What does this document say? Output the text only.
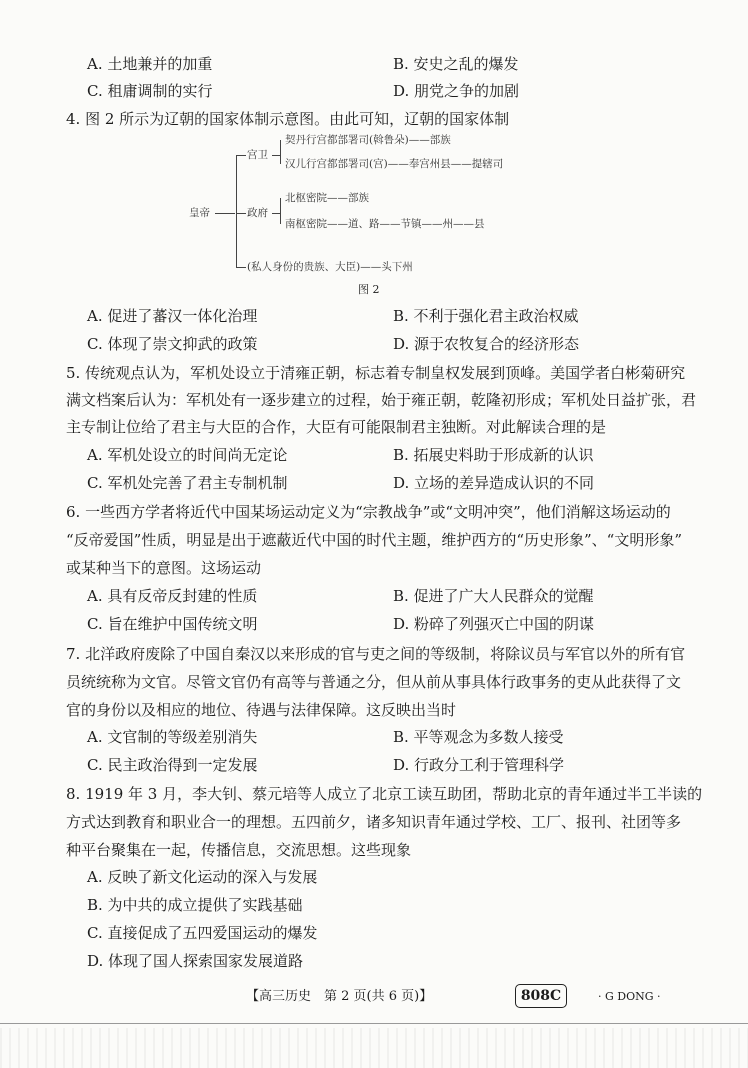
A. 土地兼并的加重	B. 安史之乱的爆发
C. 租庸调制的实行	D. 朋党之争的加剧
4. 图 2 所示为辽朝的国家体制示意图。由此可知，辽朝的国家体制
皇帝
宫卫
契丹行宫都部署司(斡鲁朵)——部族
汉儿行宫都部署司(宫)——奉宫州县——提辖司
政府
北枢密院——部族
南枢密院——道、路——节镇——州——县
(私人身份的贵族、大臣)——头下州
图 2
A. 促进了蕃汉一体化治理	B. 不利于强化君主政治权威
C. 体现了崇文抑武的政策	D. 源于农牧复合的经济形态
5. 传统观点认为，军机处设立于清雍正朝，标志着专制皇权发展到顶峰。美国学者白彬菊研究
满文档案后认为：军机处有一逐步建立的过程，始于雍正朝，乾隆初形成；军机处日益扩张，君
主专制让位给了君主与大臣的合作，大臣有可能限制君主独断。对此解读合理的是
A. 军机处设立的时间尚无定论	B. 拓展史料助于形成新的认识
C. 军机处完善了君主专制机制	D. 立场的差异造成认识的不同
6. 一些西方学者将近代中国某场运动定义为“宗教战争”或“文明冲突”，他们消解这场运动的
“反帝爱国”性质，明显是出于遮蔽近代中国的时代主题，维护西方的“历史形象”、“文明形象”
或某种当下的意图。这场运动
A. 具有反帝反封建的性质	B. 促进了广大人民群众的觉醒
C. 旨在维护中国传统文明	D. 粉碎了列强灭亡中国的阴谋
7. 北洋政府废除了中国自秦汉以来形成的官与吏之间的等级制，将除议员与军官以外的所有官
员统统称为文官。尽管文官仍有高等与普通之分，但从前从事具体行政事务的吏从此获得了文
官的身份以及相应的地位、待遇与法律保障。这反映出当时
A. 文官制的等级差别消失	B. 平等观念为多数人接受
C. 民主政治得到一定发展	D. 行政分工利于管理科学
8. 1919 年 3 月，李大钊、蔡元培等人成立了北京工读互助团，帮助北京的青年通过半工半读的
方式达到教育和职业合一的理想。五四前夕，诸多知识青年通过学校、工厂、报刊、社团等多
种平台聚集在一起，传播信息，交流思想。这些现象
A. 反映了新文化运动的深入与发展
B. 为中共的成立提供了实践基础
C. 直接促成了五四爱国运动的爆发
D. 体现了国人探索国家发展道路
【高三历史　第 2 页(共 6 页)】	808C	· G DONG ·
